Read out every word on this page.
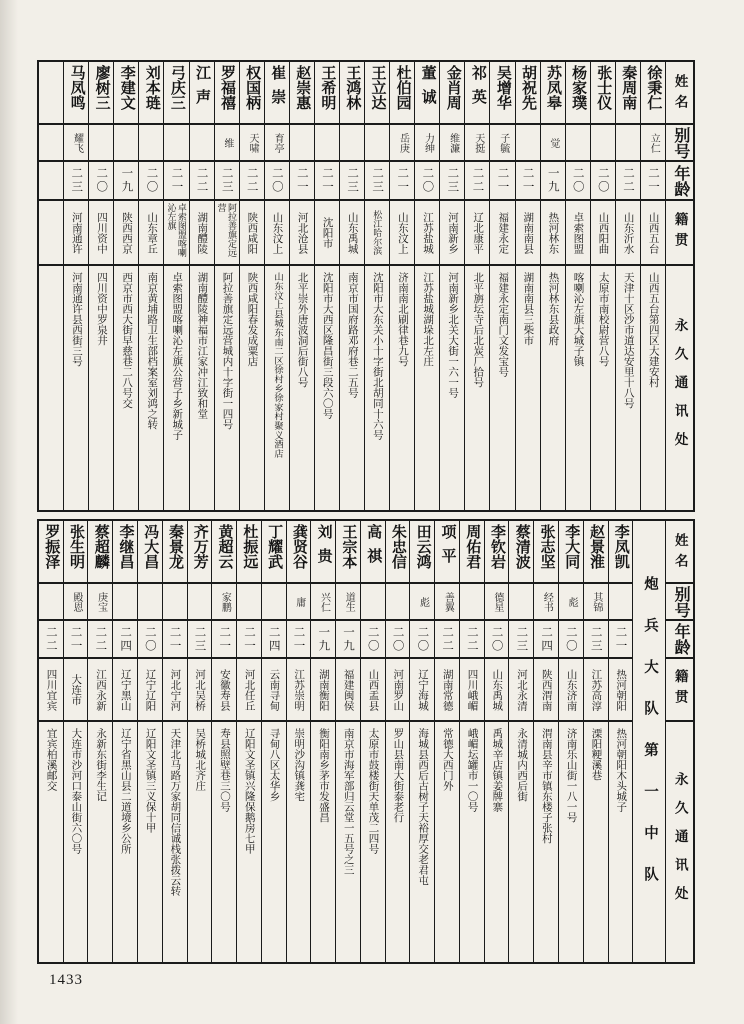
姓名
别号
年龄
籍贯
永久通讯处
徐秉仁
立仁
二一
山西五台
山西五台第四区大建安村
秦周南
二二
山东沂水
天津十区沙市道达安里十八号
张士仪
二〇
山西阳曲
太原市南校尉营八号
杨家璞
二〇
卓索图盟
喀喇沁左旗大城子镇
苏凤皋
觉
一九
热河林东
热河林东县政府
胡祝先
二一
湖南南县
湖南南县三柴市
吴增华
子毓
二一
福建永定
福建永定南门文发宝号
祁英
天挺
二二
辽北康平
北平旃坛寺后北炭厂拾号
金肖周
维濂
二三
河南新乡
河南新乡北关大街一六一号
董诚
力绅
二〇
江苏盐城
江苏盐城湖垛北左庄
杜伯园
岳庚
二一
山东汶上
济南南北刷律巷九号
王立达
二三
松江哈尔滨
沈阳市大东关小十字街北胡同十六号
王鸿林
二三
山东禹城
南京市国府路邓府巷二五号
王希明
二一
沈阳市
沈阳市大西区隆昌街三段六〇号
赵崇惠
二一
河北沧县
北平崇外唐波洞后街八号
崔崇
育亭
二〇
山东汶上
山东汶上县城东南二区徐村乡徐家村聚义酒店
权国柄
天啸
二二
陕西咸阳
陕西咸阳春发成粟店
罗福禧
维
二三
阿拉善旗定远营
阿拉善旗定远营城内十字街一四号
江声
二二
湖南醴陵
湖南醴陵神福市江家冲江致和堂
弓庆三
二一
卓索图盟喀喇沁左旗
卓索图盟喀喇沁左旗公营子乡新城子
刘本琏
二〇
山东章丘
南京黄埔路卫生部档案室刘鸿之转
李建文
一九
陕西西京
西京市西大街早慈巷二八号交
廖树三
二〇
四川资中
四川资中罗泉井
马凤鸣
耀飞
二三
河南通许
河南通许县西街三号
姓名
别号
年龄
籍贯
永久通讯处
炮兵大队第一中队
李凤凯
二一
热河朝阳
热河朝阳木头城子
赵景淮
其锦
二三
江苏高淳
溧阳粳溪巷
李大同
彪
二〇
山东济南
济南乐山街一八一号
张志坚
经书
二四
陕西渭南
渭南县辛市镇东楼子张村
蔡清波
二三
河北永清
永清城内西后街
李钦岩
德星
二〇
山东禹城
禹城辛店镇姜牌寨
周佑君
二二
四川峨嵋
峨嵋坛罐市一〇号
项平
善翼
二二
湖南常德
常德大西门外
田云鸿
彪
二〇
辽宁海城
海城县西后古树子天裕厚交老君屯
朱忠信
二〇
河南罗山
罗山县南大街泰老行
高祺
二〇
山西盂县
太原市鼓楼街天单茂二四号
王宗本
道生
一九
福建闽侯
南京市海军部归云堂一五号之三
刘贵
兴仁
一九
湖南衡阳
衡阳南乡茅市发盛昌
龚贤谷
庸
二一
江苏崇明
崇明沙沟镇龚宅
丁耀武
二四
云南寻甸
寻甸八区太华乡
杜振远
二一
河北任丘
辽阳文圣镇兴隆保鹅房七甲
黄超云
家鹏
二一
安徽寿县
寿县照壁巷三〇号
齐万芳
二三
河北吴桥
吴桥城北齐庄
秦景龙
二一
河北宁河
天津北马路万家胡同信诚栈张拨云转
冯大昌
二〇
辽宁辽阳
辽阳文圣镇三义保十甲
李继昌
二四
辽宁黑山
辽宁省黑山县二道境乡公所
蔡超麟
庚宝
二二
江西永新
永新东街李生记
张生明
殿恩
二一
大连市
大连市沙河口泰山街六〇号
罗振泽
二二
四川宜宾
宜宾柏溪邮交
1433
